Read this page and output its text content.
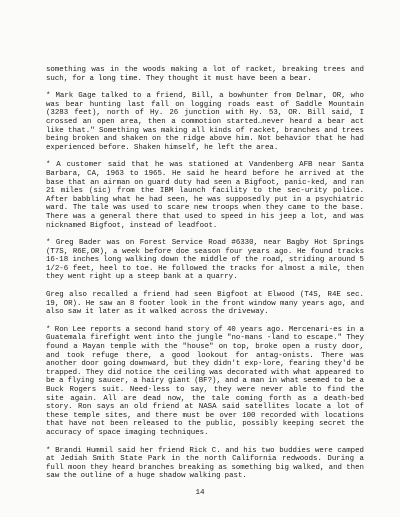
something was in the woods making a lot of racket, breaking trees and such, for a long time. They thought it must have been a bear.

* Mark Gage talked to a friend, Bill, a bowhunter from Delmar, OR, who was bear hunting last fall on logging roads east of Saddle Mountain (3283 feet), north of Hy. 26 junction with Hy. 53, OR. Bill said, I crossed an open area, then a commotion started…never heard a bear act like that." Something was making all kinds of racket, branches and trees being broken and shaken on the ridge above him. Not behavior that he had experienced before. Shaken himself, he left the area.

* A customer said that he was stationed at Vandenberg AFB near Santa Barbara, CA, 1963 to 1965. He said he heard before he arrived at the base that an airman on guard duty had seen a Bigfoot, panic-ked, and ran 21 miles (sic) from the IBM launch facility to the sec-urity police. After babbling what he had seen, he was supposedly put in a psychiatric ward. The tale was used to scare new troops when they came to the base. There was a general there that used to speed in his jeep a lot, and was nicknamed Bigfoot, instead of leadfoot.

* Greg Bader was on Forest Service Road #6330, near Bagby Hot Springs (T7S, R6E,OR), a week before doe season four years ago. He found tracks 16-18 inches long walking down the middle of the road, striding around 5 1/2-6 feet, heel to toe. He followed the tracks for almost a mile, then they went right up a steep bank at a quarry.

Greg also recalled a friend had seen Bigfoot at Elwood (T4S, R4E sec. 19, OR). He saw an 8 footer look in the front window many years ago, and also saw it later as it walked across the driveway.

* Ron Lee reports a second hand story of 40 years ago. Mercenari-es in a Guatemala firefight went into the jungle "no-mans -land to escape." They found a Mayan temple with the "house" on top, broke open a rusty door, and took refuge there, a good lookout for antag-onists. There was another door going downward, but they didn't exp-lore, fearing they'd be trapped. They did notice the ceiling was decorated with what appeared to be a flying saucer, a hairy giant (BF?), and a man in what seemed to be a Buck Rogers suit. Need-less to say, they were never able to find the site again. All are dead now, the tale coming forth as a death-bed story. Ron says an old friend at NASA said satellites locate a lot of these temple sites, and there must be over 100 recorded with locations that have not been released to the public, possibly keeping secret the accuracy of space imaging techniques.

* Brandi Hummil said her friend Rick C. and his two buddies were camped at Jediah Smith State Park in the north California redwoods. During a full moon they heard branches breaking as something big walked, and then saw the outline of a huge shadow walking past.

14
